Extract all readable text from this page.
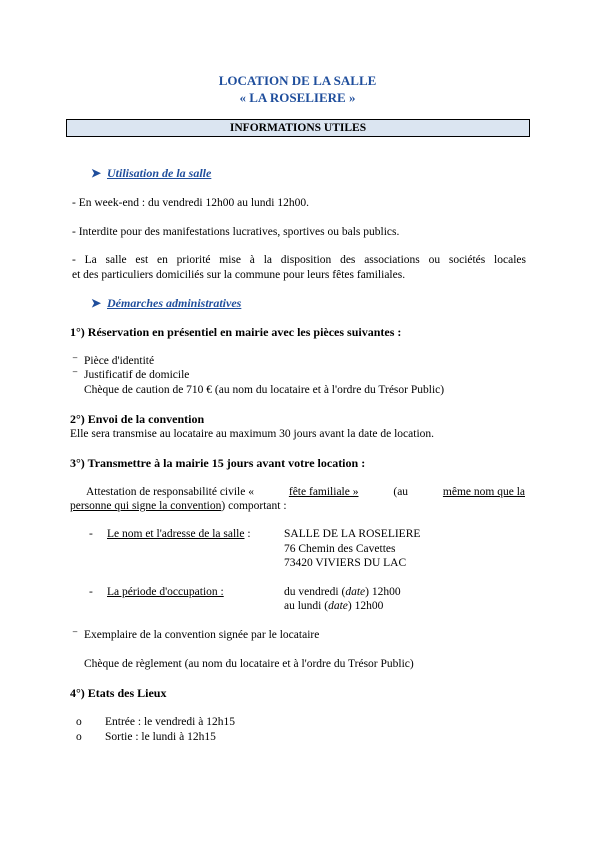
LOCATION DE LA SALLE
« LA ROSELIERE »
INFORMATIONS UTILES
➤ Utilisation de la salle
- En week-end : du vendredi 12h00 au lundi 12h00.
- Interdite pour des manifestations lucratives, sportives ou bals publics.
- La salle est en priorité mise à la disposition des associations ou sociétés locales
et des particuliers domiciliés sur la commune pour leurs fêtes familiales.
➤ Démarches administratives
1°) Réservation en présentiel en mairie avec les pièces suivantes :
⁻ Pièce d'identité
⁻ Justificatif de domicile
Chèque de caution de 710 € (au nom du locataire et à l'ordre du Trésor Public)
2°) Envoi de la convention
Elle sera transmise au locataire au maximum 30 jours avant la date de location.
3°) Transmettre à la mairie 15 jours avant votre location :
Attestation de responsabilité civile «	fête familiale »	(au	même nom que la
personne qui signe la convention) comportant :
- Le nom et l'adresse de la salle :	SALLE DE LA ROSELIERE
76 Chemin des Cavettes
73420 VIVIERS DU LAC
- La période d'occupation :	du vendredi (date) 12h00
au lundi (date) 12h00
⁻ Exemplaire de la convention signée par le locataire
Chèque de règlement (au nom du locataire et à l'ordre du Trésor Public)
4°) Etats des Lieux
o Entrée : le vendredi à 12h15
o Sortie : le lundi à 12h15
